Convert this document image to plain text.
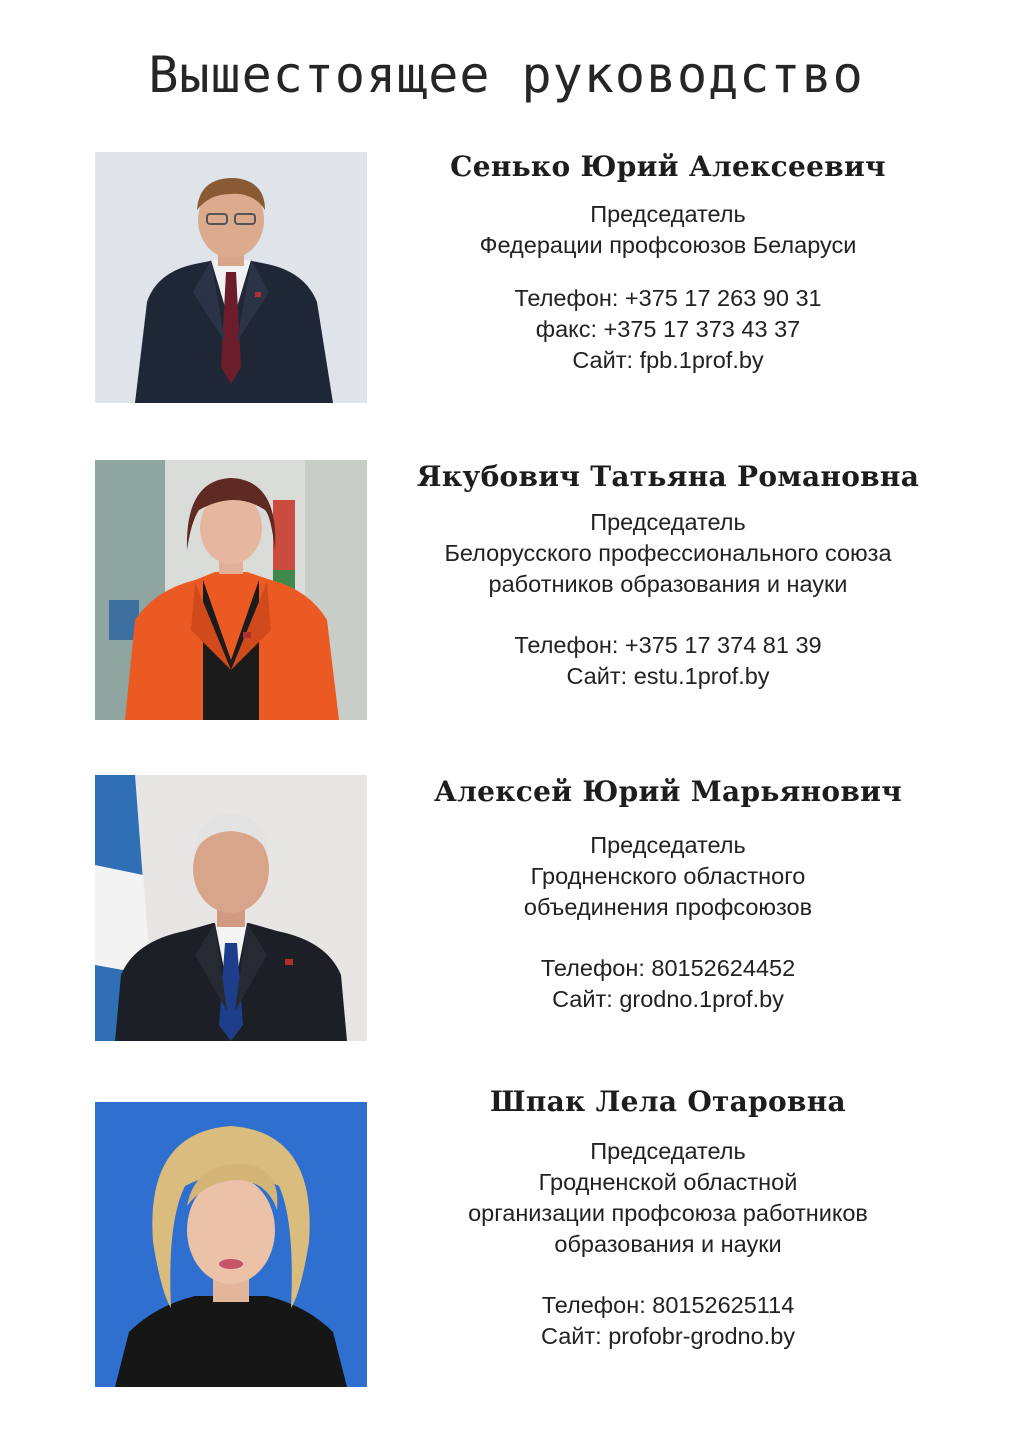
Вышестоящее руководство
Сенько Юрий Алексеевич
Председатель
Федерации профсоюзов Беларуси
Телефон: +375 17 263 90 31
факс: +375 17 373 43 37
Сайт: fpb.1prof.by
Якубович Татьяна Романовна
Председатель
Белорусского профессионального союза
работников образования и науки
Телефон: +375 17 374 81 39
Сайт: estu.1prof.by
Алексей Юрий Марьянович
Председатель
Гродненского областного
объединения профсоюзов
Телефон: 80152624452
Сайт: grodno.1prof.by
Шпак Лела Отаровна
Председатель
Гродненской областной
организации профсоюза работников
образования и науки
Телефон: 80152625114
Сайт: profobr-grodno.by
